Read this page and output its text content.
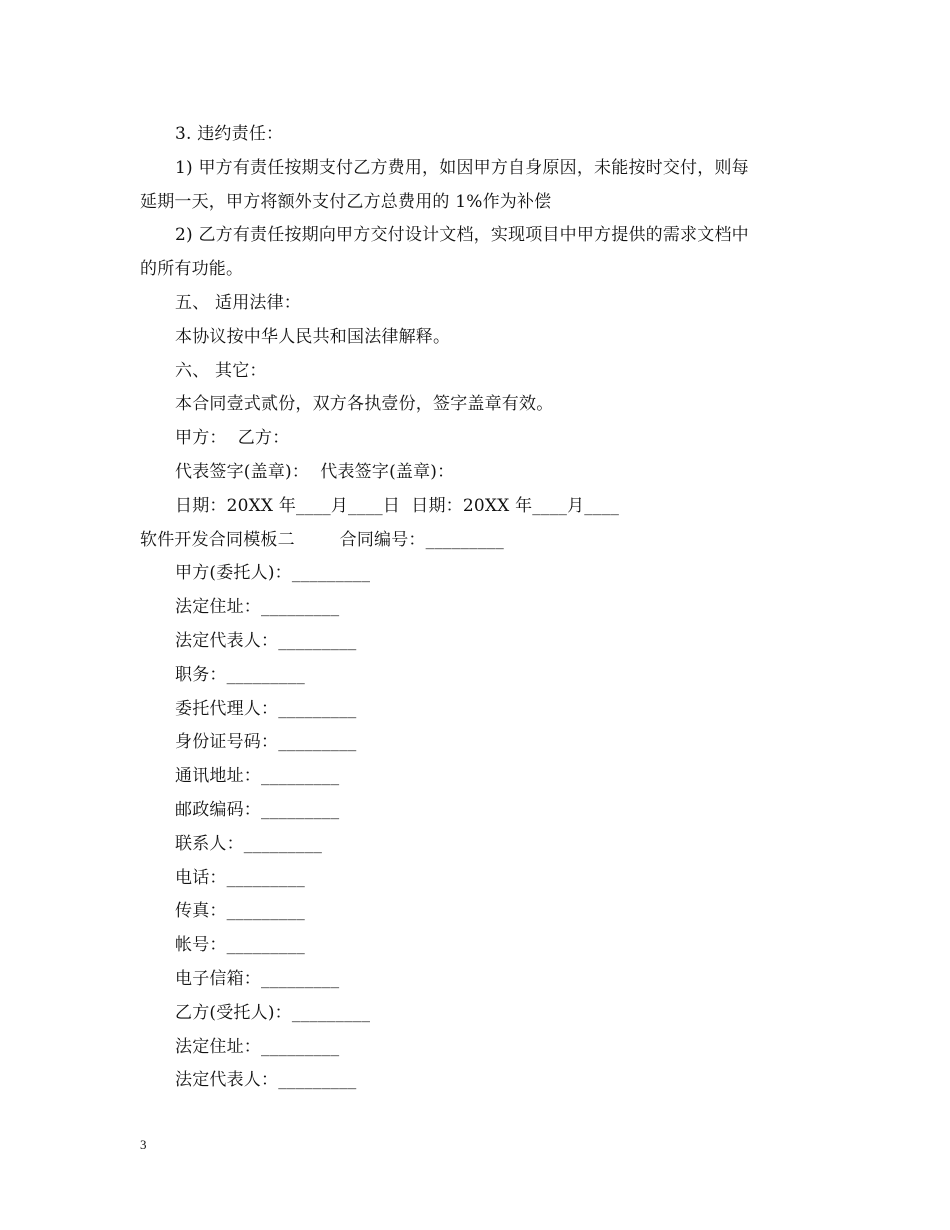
3. 违约责任：
1) 甲方有责任按期支付乙方费用，如因甲方自身原因，未能按时交付，则每
延期一天，甲方将额外支付乙方总费用的 1%作为补偿
2) 乙方有责任按期向甲方交付设计文档，实现项目中甲方提供的需求文档中
的所有功能。
五、 适用法律：
本协议按中华人民共和国法律解释。
六、 其它：
本合同壹式贰份，双方各执壹份，签字盖章有效。
甲方：  乙方：
代表签字(盖章)：  代表签字(盖章)：
日期：20XX 年____月____日  日期：20XX 年____月____
软件开发合同模板二        合同编号：_________
甲方(委托人)：_________
法定住址：_________
法定代表人：_________
职务：_________
委托代理人：_________
身份证号码：_________
通讯地址：_________
邮政编码：_________
联系人：_________
电话：_________
传真：_________
帐号：_________
电子信箱：_________
乙方(受托人)：_________
法定住址：_________
法定代表人：_________
3
